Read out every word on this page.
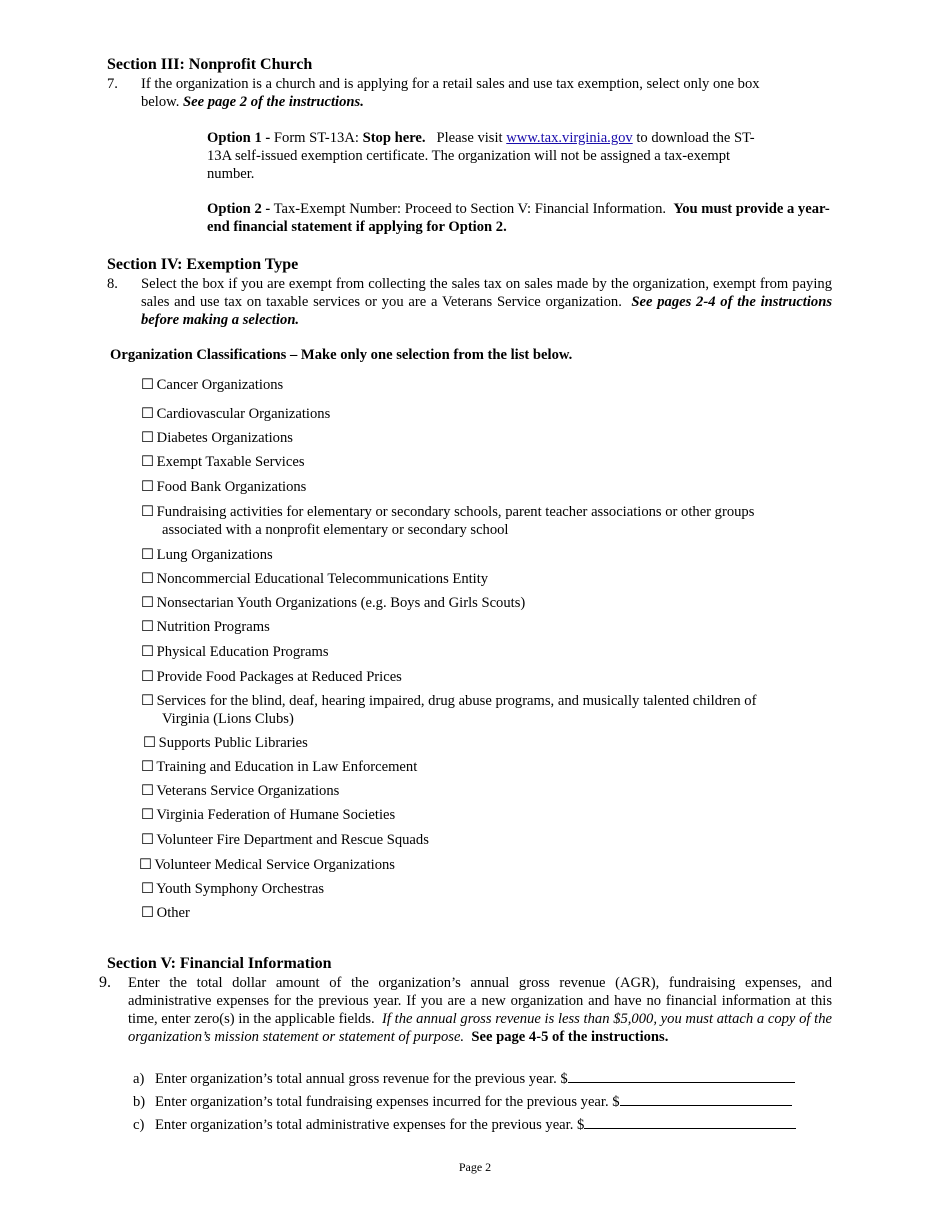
Section III: Nonprofit Church
7. If the organization is a church and is applying for a retail sales and use tax exemption, select only one box below. See page 2 of the instructions.
Option 1 - Form ST-13A: Stop here. Please visit www.tax.virginia.gov to download the ST-13A self-issued exemption certificate. The organization will not be assigned a tax-exempt number.
Option 2 - Tax-Exempt Number: Proceed to Section V: Financial Information. You must provide a year-end financial statement if applying for Option 2.
Section IV: Exemption Type
8. Select the box if you are exempt from collecting the sales tax on sales made by the organization, exempt from paying sales and use tax on taxable services or you are a Veterans Service organization. See pages 2-4 of the instructions before making a selection.
Organization Classifications – Make only one selection from the list below.
☐ Cancer Organizations
☐ Cardiovascular Organizations
☐ Diabetes Organizations
☐ Exempt Taxable Services
☐ Food Bank Organizations
☐ Fundraising activities for elementary or secondary schools, parent teacher associations or other groups
associated with a nonprofit elementary or secondary school
☐ Lung Organizations
☐ Noncommercial Educational Telecommunications Entity
☐ Nonsectarian Youth Organizations (e.g. Boys and Girls Scouts)
☐ Nutrition Programs
☐ Physical Education Programs
☐ Provide Food Packages at Reduced Prices
☐ Services for the blind, deaf, hearing impaired, drug abuse programs, and musically talented children of
Virginia (Lions Clubs)
☐ Supports Public Libraries
☐ Training and Education in Law Enforcement
☐ Veterans Service Organizations
☐ Virginia Federation of Humane Societies
☐ Volunteer Fire Department and Rescue Squads
☐ Volunteer Medical Service Organizations
☐ Youth Symphony Orchestras
☐ Other
Section V: Financial Information
9. Enter the total dollar amount of the organization’s annual gross revenue (AGR), fundraising expenses, and administrative expenses for the previous year. If you are a new organization and have no financial information at this time, enter zero(s) in the applicable fields. If the annual gross revenue is less than $5,000, you must attach a copy of the organization’s mission statement or statement of purpose. See page 4-5 of the instructions.
a) Enter organization’s total annual gross revenue for the previous year. $
b) Enter organization’s total fundraising expenses incurred for the previous year. $
c) Enter organization’s total administrative expenses for the previous year. $
Page 2
